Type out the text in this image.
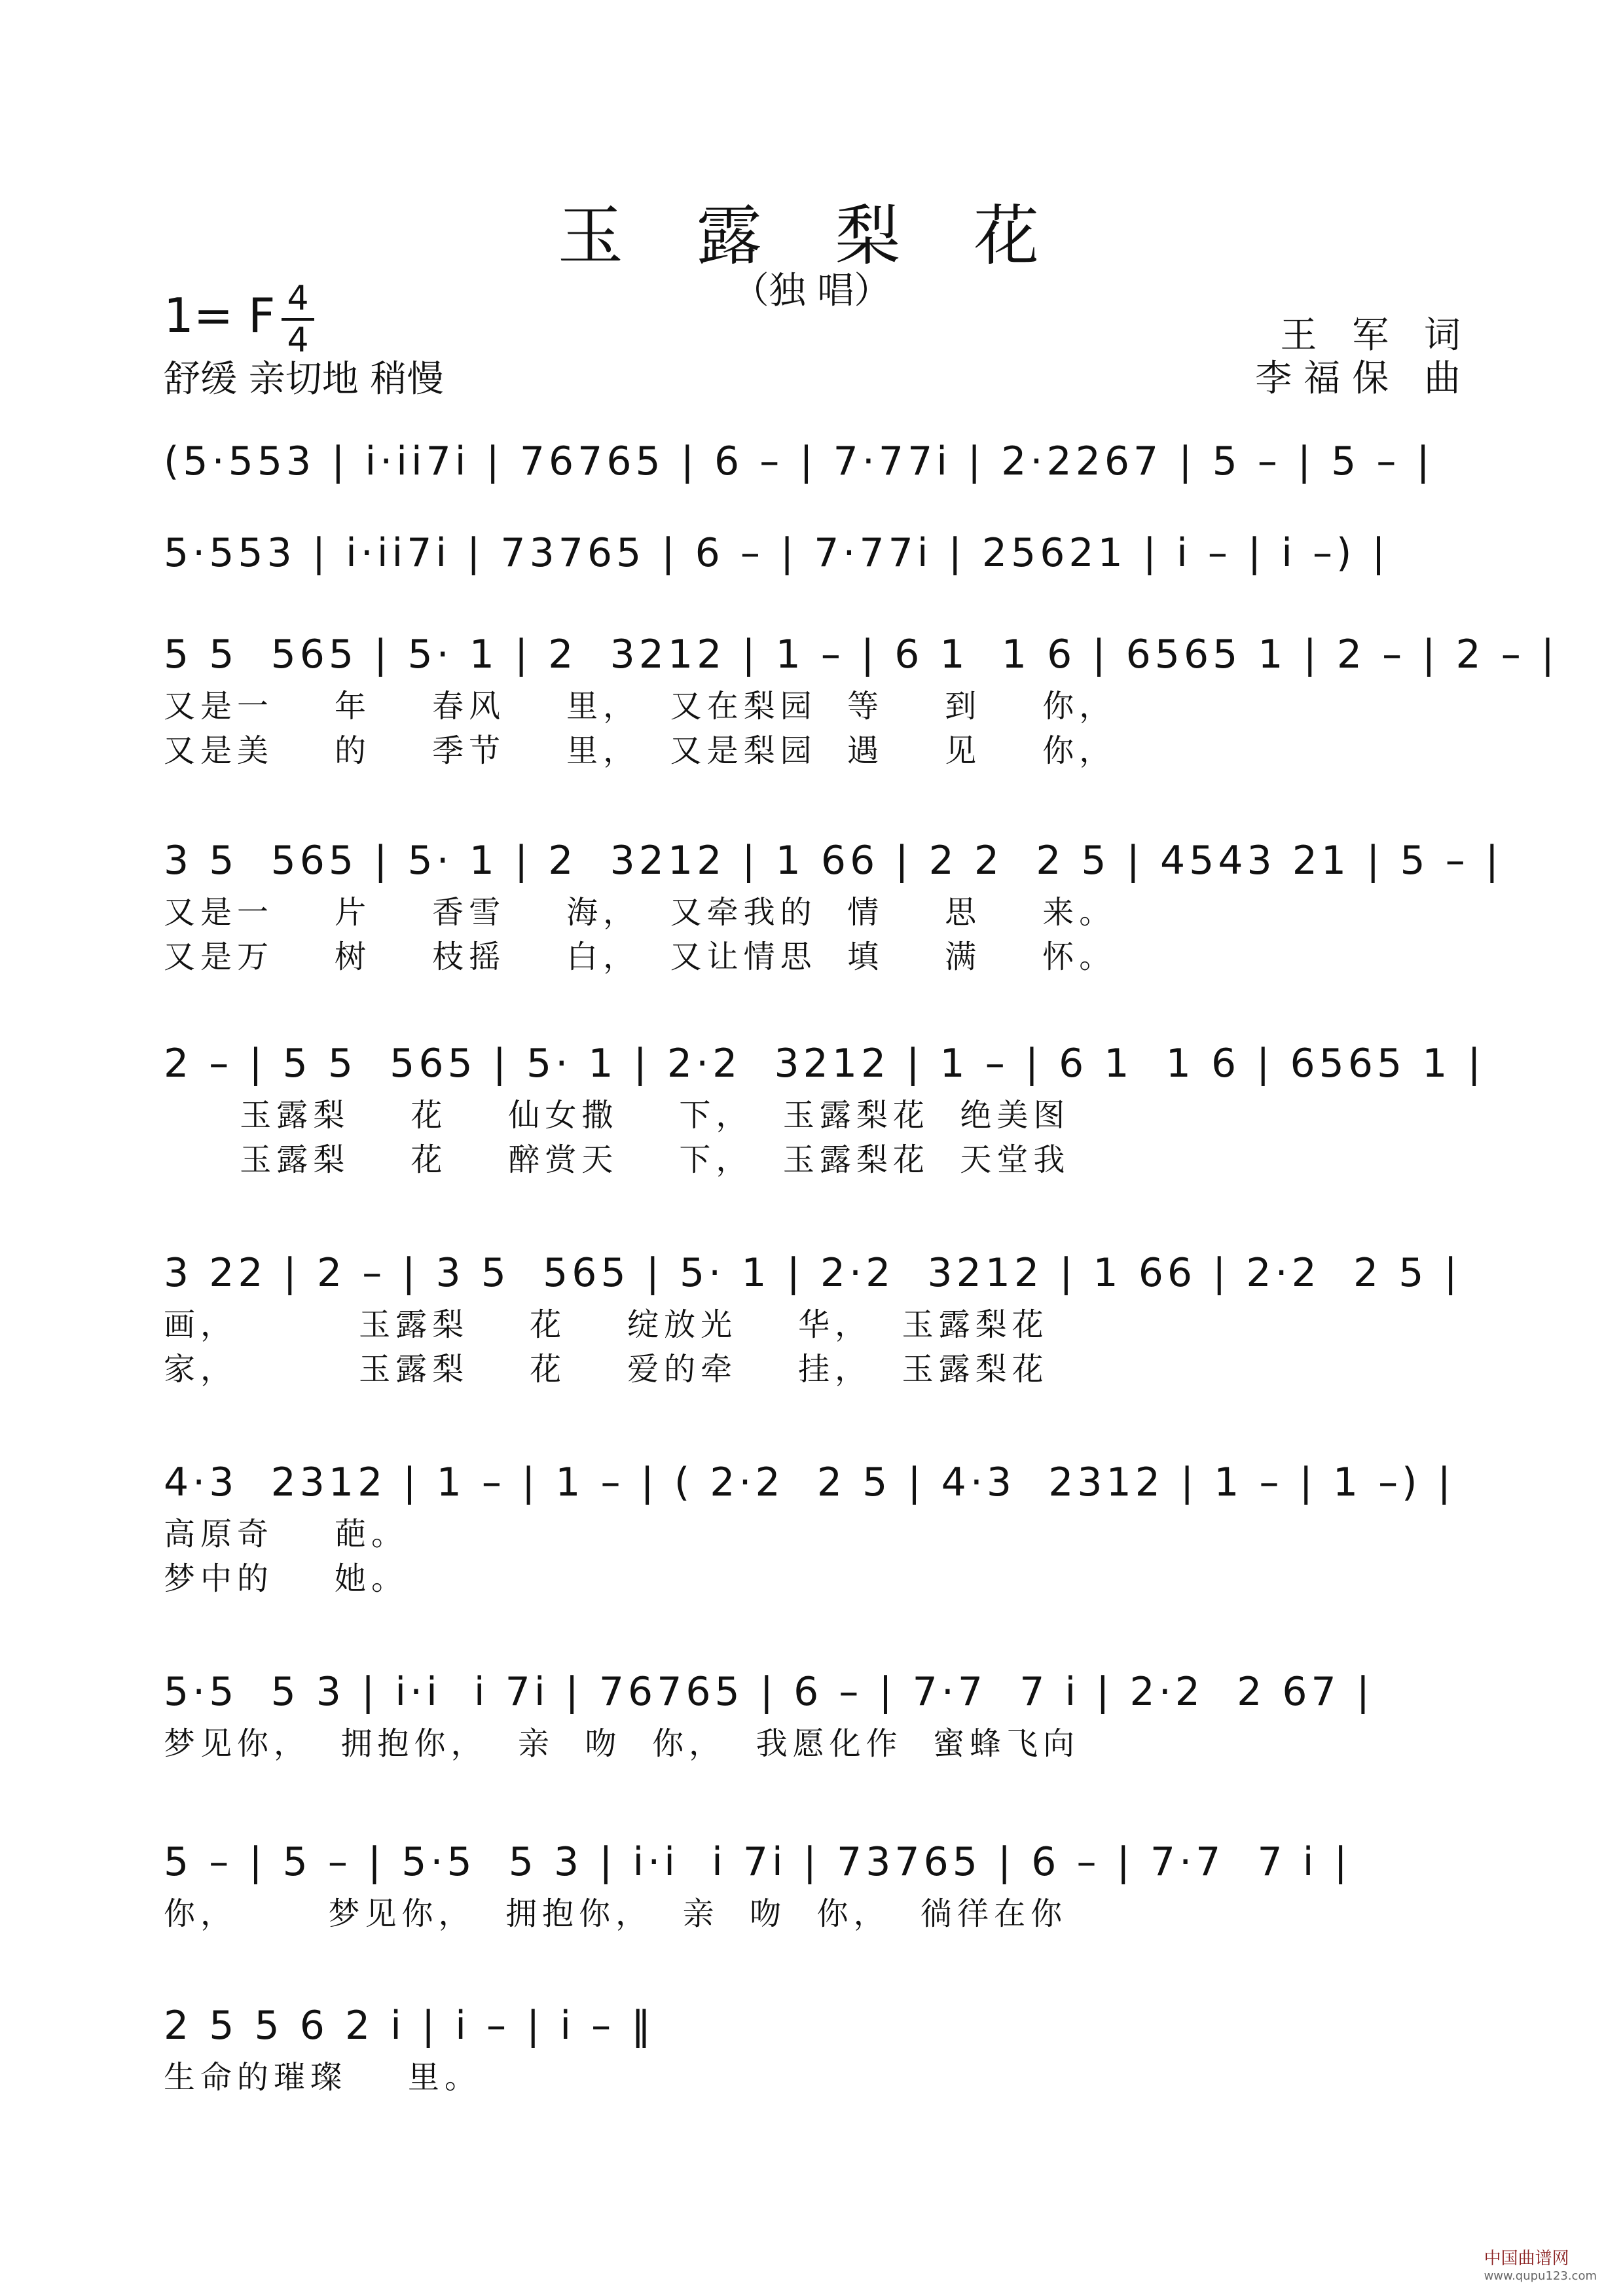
玉 露 梨 花
（独 唱）
1= F 4
4
舒缓 亲切地 稍慢
王 军 词
李福保 曲
(5·553 | i·ii7i | 76765 | 6 – | 7·77i | 2·2267 | 5 – | 5 – |
5·553 | i·ii7i | 73765 | 6 – | 7·77i | 25621 | i – | i –) |
5 5  565 | 5· 1 | 2  3212 | 1 – | 6 1  1 6 | 6565 1 | 2 – | 2 – |
又是一    年    春风    里，  又在梨园  等    到    你，
又是美    的    季节    里，  又是梨园  遇    见    你，
3 5  565 | 5· 1 | 2  3212 | 1 66 | 2 2  2 5 | 4543 21 | 5 – |
又是一    片    香雪    海，  又牵我的  情    思    来。
又是万    树    枝摇    白，  又让情思  填    满    怀。
2 – | 5 5  565 | 5· 1 | 2·2  3212 | 1 – | 6 1  1 6 | 6565 1 |
玉露梨    花    仙女撒    下，  玉露梨花  绝美图
玉露梨    花    醉赏天    下，  玉露梨花  天堂我
3 22 | 2 – | 3 5  565 | 5· 1 | 2·2  3212 | 1 66 | 2·2  2 5 |
画，        玉露梨    花    绽放光    华，  玉露梨花
家，        玉露梨    花    爱的牵    挂，  玉露梨花
4·3  2312 | 1 – | 1 – | ( 2·2  2 5 | 4·3  2312 | 1 – | 1 –) |
高原奇    葩。
梦中的    她。
5·5  5 3 | i·i  i 7i | 76765 | 6 – | 7·7  7 i | 2·2  2 67 |
梦见你，  拥抱你，  亲  吻  你，  我愿化作  蜜蜂飞向
5 – | 5 – | 5·5  5 3 | i·i  i 7i | 73765 | 6 – | 7·7  7 i |
你，      梦见你，  拥抱你，  亲  吻  你，  徜徉在你
2 5 5 6 2 i | i – | i – ‖
生命的璀璨    里。
中国曲谱网
www.qupu123.com
